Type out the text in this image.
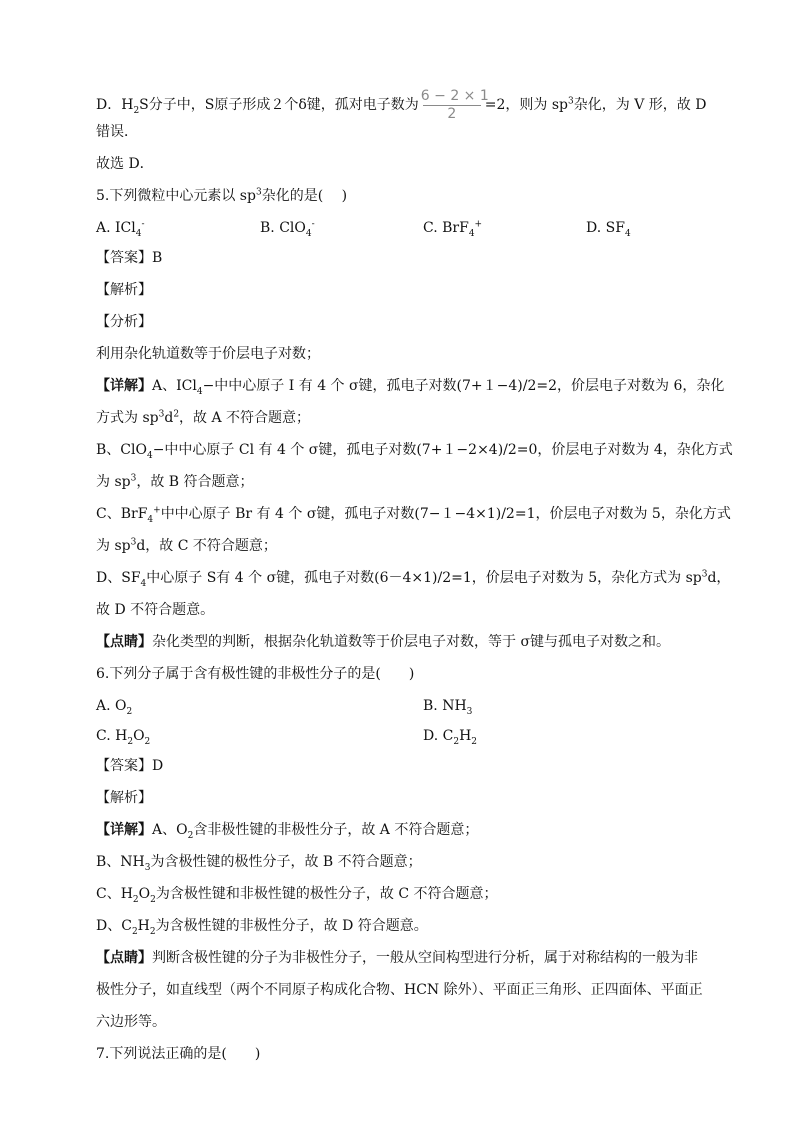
D．$H_2S$分子中，S原子形成２个δ键，孤对电子数为 $\frac{6 - 2 \times 1}{2} =2$，则为 $sp^3$杂化，为 V 形，故 D
错误．
故选 D．
5.下列微粒中心元素以 $sp^3$杂化的是(　 )
A. ICl$_4$-	B. ClO$_4$-	C. BrF$_4$+	D. $SF_4$
【答案】B
【解析】
【分析】
利用杂化轨道数等于价层电子对数；
【详解】A、ICl$_4$−中中心原子 I 有 4 个 σ键，孤电子对数(7+１−4)/2=2，价层电子对数为 6，杂化
方式为 $sp^3d^2$，故 A 不符合题意；
B、ClO$_4$−中中心原子 Cl 有 4 个 σ键，孤电子对数(7+１−2×4)/2=0，价层电子对数为 4，杂化方式
为 $sp^3$，故 B 符合题意；
C、BrF$_4$+中中心原子 Br 有 4 个 σ键，孤电子对数(7−１−4×1)/2=1，价层电子对数为 5，杂化方式
为 $sp^3d$，故 C 不符合题意；
D、$SF_4$中心原子 S有 4 个 σ键，孤电子对数(6－4×1)/2=1，价层电子对数为 5，杂化方式为 $sp^3d$，
故 D 不符合题意。
【点睛】杂化类型的判断，根据杂化轨道数等于价层电子对数，等于 σ键与孤电子对数之和。
6.下列分子属于含有极性键的非极性分子的是(　　)
A. $O_2$	B. $NH_3$
C. $H_2O_2$	D. $C_2H_2$
【答案】D
【解析】
【详解】A、$O_2$含非极性键的非极性分子，故 A 不符合题意；
B、$NH_3$为含极性键的极性分子，故 B 不符合题意；
C、$H_2O_2$为含极性键和非极性键的极性分子，故 C 不符合题意；
D、$C_2H_2$为含极性键的非极性分子，故 D 符合题意。
【点睛】判断含极性键的分子为非极性分子，一般从空间构型进行分析，属于对称结构的一般为非
极性分子，如直线型（两个不同原子构成化合物、HCN 除外）、平面正三角形、正四面体、平面正
六边形等。
7.下列说法正确的是(　　)
